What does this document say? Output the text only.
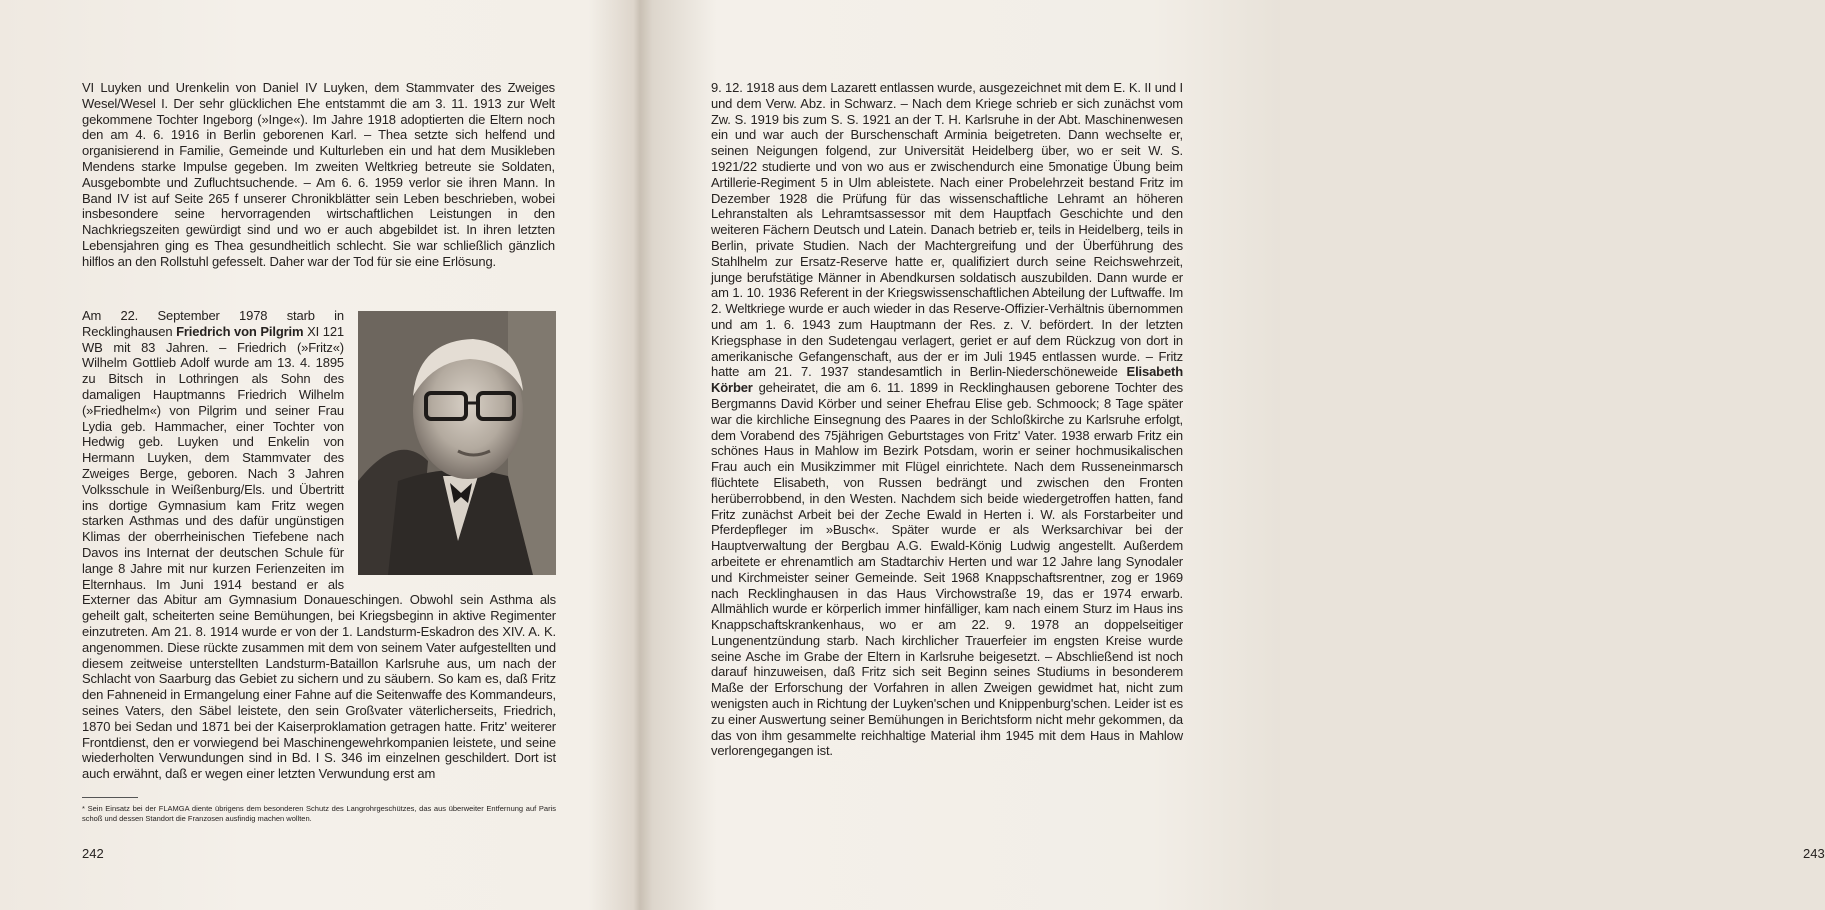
VI Luyken und Urenkelin von Daniel IV Luyken, dem Stammvater des Zweiges Wesel/Wesel I. Der sehr glücklichen Ehe entstammt die am 3. 11. 1913 zur Welt gekommene Tochter Ingeborg (»Inge«). Im Jahre 1918 adoptierten die Eltern noch den am 4. 6. 1916 in Berlin geborenen Karl. – Thea setzte sich helfend und organisierend in Familie, Gemeinde und Kulturleben ein und hat dem Musikleben Mendens starke Impulse gegeben. Im zweiten Weltkrieg betreute sie Soldaten, Ausgebombte und Zufluchtsuchende. – Am 6. 6. 1959 verlor sie ihren Mann. In Band IV ist auf Seite 265 f unserer Chronikblätter sein Leben beschrieben, wobei insbesondere seine hervorragenden wirtschaftlichen Leistungen in den Nachkriegszeiten gewürdigt sind und wo er auch abgebildet ist. In ihren letzten Lebensjahren ging es Thea gesundheitlich schlecht. Sie war schließlich gänzlich hilflos an den Rollstuhl gefesselt. Daher war der Tod für sie eine Erlösung.

Am 22. September 1978 starb in Recklinghausen Friedrich von Pilgrim XI 121 WB mit 83 Jahren. – Friedrich (»Fritz«) Wilhelm Gottlieb Adolf wurde am 13. 4. 1895 zu Bitsch in Lothringen als Sohn des damaligen Hauptmanns Friedrich Wilhelm (»Friedhelm«) von Pilgrim und seiner Frau Lydia geb. Hammacher, einer Tochter von Hedwig geb. Luyken und Enkelin von Hermann Luyken, dem Stammvater des Zweiges Berge, geboren. Nach 3 Jahren Volksschule in Weißenburg/Els. und Übertritt ins dortige Gymnasium kam Fritz wegen starken Asthmas und des dafür ungünstigen Klimas der oberrheinischen Tiefebene nach Davos ins Internat der deutschen Schule für lange 8 Jahre mit nur kurzen Ferienzeiten im Elternhaus. Im Juni 1914 bestand er als Externer das Abitur am Gymnasium Donaueschingen. Obwohl sein Asthma als geheilt galt, scheiterten seine Bemühungen, bei Kriegsbeginn in aktive Regimenter einzutreten. Am 21. 8. 1914 wurde er von der 1. Landsturm-Eskadron des XIV. A. K. angenommen. Diese rückte zusammen mit dem von seinem Vater aufgestellten und diesem zeitweise unterstellten Landsturm-Bataillon Karlsruhe aus, um nach der Schlacht von Saarburg das Gebiet zu sichern und zu säubern. So kam es, daß Fritz den Fahneneid in Ermangelung einer Fahne auf die Seitenwaffe des Kommandeurs, seines Vaters, den Säbel leistete, den sein Großvater väterlicherseits, Friedrich, 1870 bei Sedan und 1871 bei der Kaiserproklamation getragen hatte. Fritz' weiterer Frontdienst, den er vorwiegend bei Maschinengewehrkompanien leistete, und seine wiederholten Verwundungen sind in Bd. I S. 346 im einzelnen geschildert. Dort ist auch erwähnt, daß er wegen einer letzten Verwundung erst am

* Sein Einsatz bei der FLAMGA diente übrigens dem besonderen Schutz des Langrohrgeschützes, das aus überweiter Entfernung auf Paris schoß und dessen Standort die Franzosen ausfindig machen wollten.

242

9. 12. 1918 aus dem Lazarett entlassen wurde, ausgezeichnet mit dem E. K. II und I und dem Verw. Abz. in Schwarz. – Nach dem Kriege schrieb er sich zunächst vom Zw. S. 1919 bis zum S. S. 1921 an der T. H. Karlsruhe in der Abt. Maschinenwesen ein und war auch der Burschenschaft Arminia beigetreten. Dann wechselte er, seinen Neigungen folgend, zur Universität Heidelberg über, wo er seit W. S. 1921/22 studierte und von wo aus er zwischendurch eine 5monatige Übung beim Artillerie-Regiment 5 in Ulm ableistete. Nach einer Probelehrzeit bestand Fritz im Dezember 1928 die Prüfung für das wissenschaftliche Lehramt an höheren Lehranstalten als Lehramtsassessor mit dem Hauptfach Geschichte und den weiteren Fächern Deutsch und Latein. Danach betrieb er, teils in Heidelberg, teils in Berlin, private Studien. Nach der Machtergreifung und der Überführung des Stahlhelm zur Ersatz-Reserve hatte er, qualifiziert durch seine Reichswehrzeit, junge berufstätige Männer in Abendkursen soldatisch auszubilden. Dann wurde er am 1. 10. 1936 Referent in der Kriegswissenschaftlichen Abteilung der Luftwaffe. Im 2. Weltkriege wurde er auch wieder in das Reserve-Offizier-Verhältnis übernommen und am 1. 6. 1943 zum Hauptmann der Res. z. V. befördert. In der letzten Kriegsphase in den Sudetengau verlagert, geriet er auf dem Rückzug von dort in amerikanische Gefangenschaft, aus der er im Juli 1945 entlassen wurde. – Fritz hatte am 21. 7. 1937 standesamtlich in Berlin-Niederschöneweide Elisabeth Körber geheiratet, die am 6. 11. 1899 in Recklinghausen geborene Tochter des Bergmanns David Körber und seiner Ehefrau Elise geb. Schmoock; 8 Tage später war die kirchliche Einsegnung des Paares in der Schloßkirche zu Karlsruhe erfolgt, dem Vorabend des 75jährigen Geburtstages von Fritz' Vater. 1938 erwarb Fritz ein schönes Haus in Mahlow im Bezirk Potsdam, worin er seiner hochmusikalischen Frau auch ein Musikzimmer mit Flügel einrichtete. Nach dem Russeneinmarsch flüchtete Elisabeth, von Russen bedrängt und zwischen den Fronten herüberrobbend, in den Westen. Nachdem sich beide wiedergetroffen hatten, fand Fritz zunächst Arbeit bei der Zeche Ewald in Herten i. W. als Forstarbeiter und Pferdepfleger im »Busch«. Später wurde er als Werksarchivar bei der Hauptverwaltung der Bergbau A.G. Ewald-König Ludwig angestellt. Außerdem arbeitete er ehrenamtlich am Stadtarchiv Herten und war 12 Jahre lang Synodaler und Kirchmeister seiner Gemeinde. Seit 1968 Knappschaftsrentner, zog er 1969 nach Recklinghausen in das Haus Virchowstraße 19, das er 1974 erwarb. Allmählich wurde er körperlich immer hinfälliger, kam nach einem Sturz im Haus ins Knappschaftskrankenhaus, wo er am 22. 9. 1978 an doppelseitiger Lungenentzündung starb. Nach kirchlicher Trauerfeier im engsten Kreise wurde seine Asche im Grabe der Eltern in Karlsruhe beigesetzt. – Abschließend ist noch darauf hinzuweisen, daß Fritz sich seit Beginn seines Studiums in besonderem Maße der Erforschung der Vorfahren in allen Zweigen gewidmet hat, nicht zum wenigsten auch in Richtung der Luyken'schen und Knippenburg'schen. Leider ist es zu einer Auswertung seiner Bemühungen in Berichtsform nicht mehr gekommen, da das von ihm gesammelte reichhaltige Material ihm 1945 mit dem Haus in Mahlow verlorengegangen ist.

243
